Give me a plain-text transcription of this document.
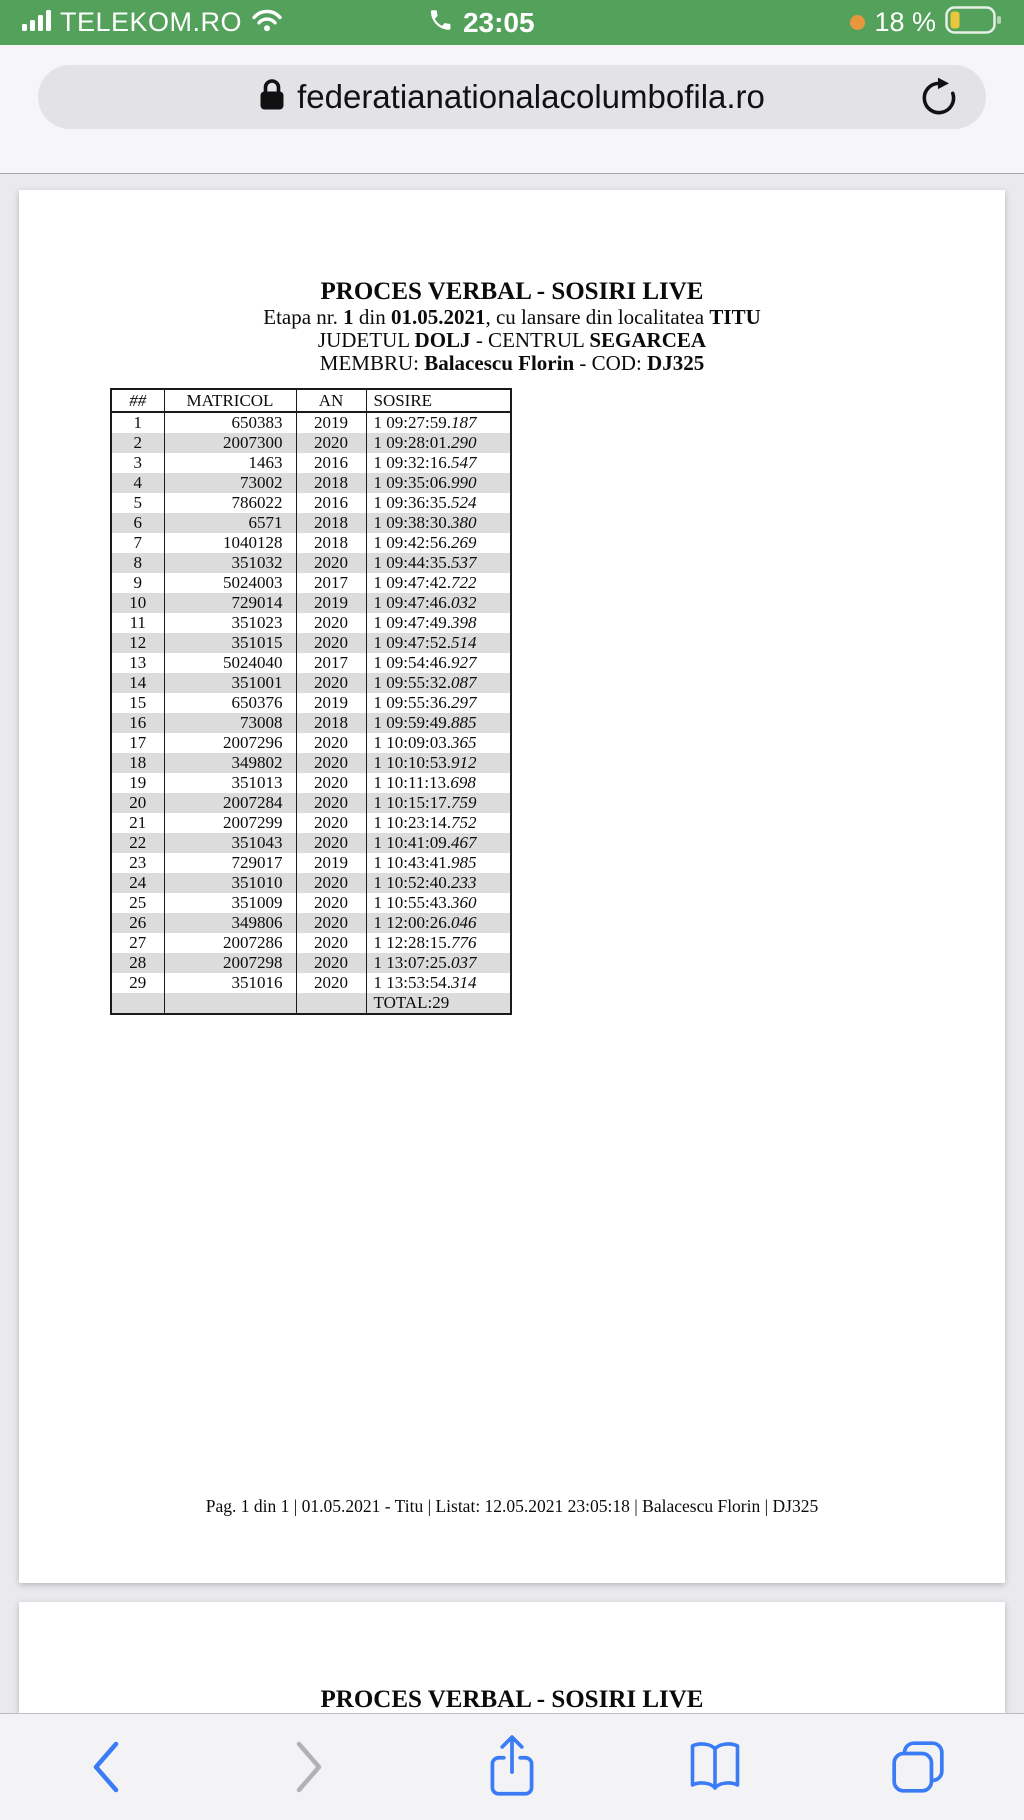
TELEKOM.RO	23:05	18 %
federatianationalacolumbofila.ro
PROCES VERBAL - SOSIRI LIVE
Etapa nr. 1 din 01.05.2021, cu lansare din localitatea TITU
JUDETUL DOLJ - CENTRUL SEGARCEA
MEMBRU: Balacescu Florin - COD: DJ325
##	MATRICOL	AN	SOSIRE
1	650383	2019	1 09:27:59.187
2	2007300	2020	1 09:28:01.290
3	1463	2016	1 09:32:16.547
4	73002	2018	1 09:35:06.990
5	786022	2016	1 09:36:35.524
6	6571	2018	1 09:38:30.380
7	1040128	2018	1 09:42:56.269
8	351032	2020	1 09:44:35.537
9	5024003	2017	1 09:47:42.722
10	729014	2019	1 09:47:46.032
11	351023	2020	1 09:47:49.398
12	351015	2020	1 09:47:52.514
13	5024040	2017	1 09:54:46.927
14	351001	2020	1 09:55:32.087
15	650376	2019	1 09:55:36.297
16	73008	2018	1 09:59:49.885
17	2007296	2020	1 10:09:03.365
18	349802	2020	1 10:10:53.912
19	351013	2020	1 10:11:13.698
20	2007284	2020	1 10:15:17.759
21	2007299	2020	1 10:23:14.752
22	351043	2020	1 10:41:09.467
23	729017	2019	1 10:43:41.985
24	351010	2020	1 10:52:40.233
25	351009	2020	1 10:55:43.360
26	349806	2020	1 12:00:26.046
27	2007286	2020	1 12:28:15.776
28	2007298	2020	1 13:07:25.037
29	351016	2020	1 13:53:54.314
			TOTAL:29
Pag. 1 din 1 | 01.05.2021 - Titu | Listat: 12.05.2021 23:05:18 | Balacescu Florin | DJ325
PROCES VERBAL - SOSIRI LIVE
